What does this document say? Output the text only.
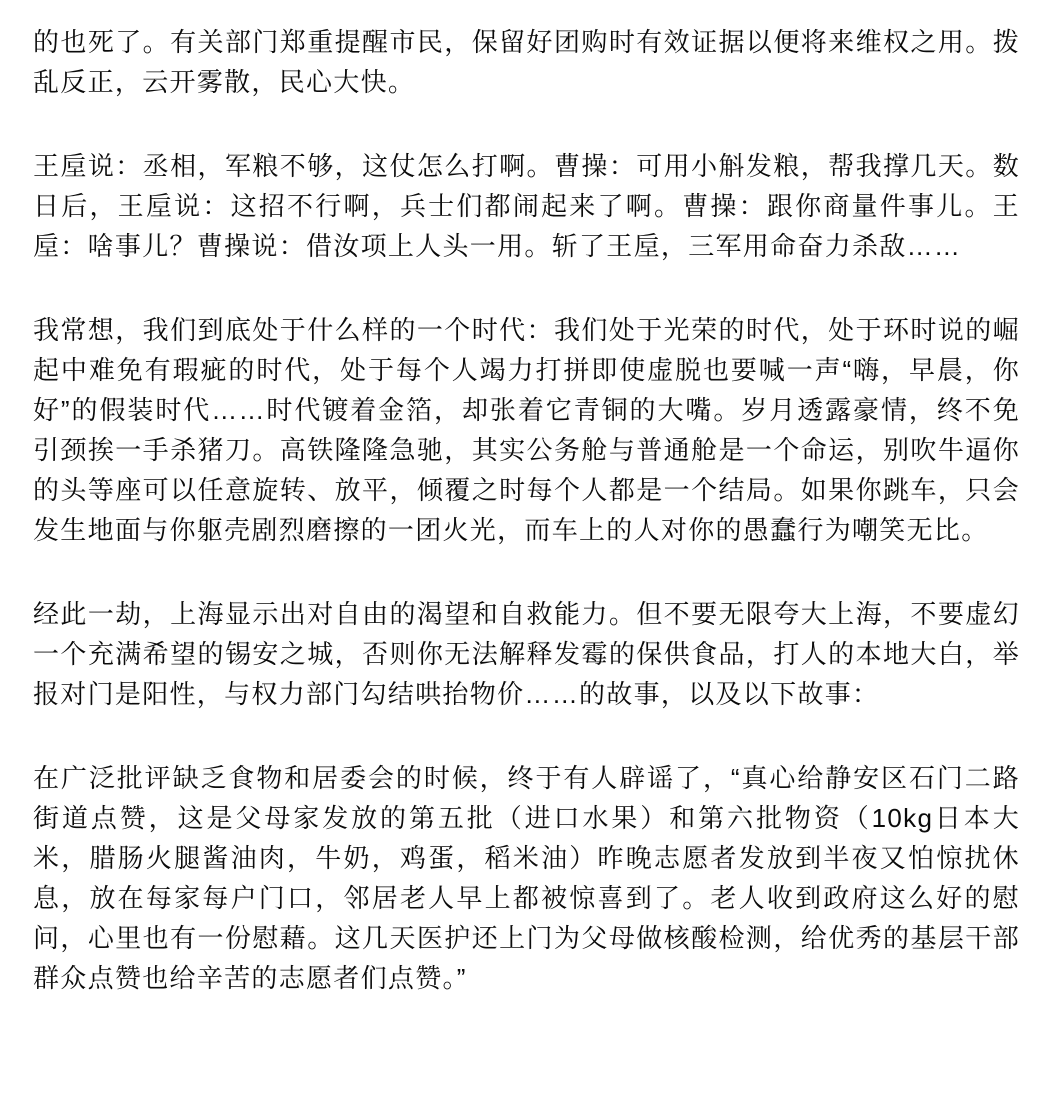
的也死了。有关部门郑重提醒市民，保留好团购时有效证据以便将来维权之用。拨乱反正，云开雾散，民心大快。

王垕说：丞相，军粮不够，这仗怎么打啊。曹操：可用小斛发粮，帮我撑几天。数日后，王垕说：这招不行啊，兵士们都闹起来了啊。曹操：跟你商量件事儿。王垕：啥事儿？曹操说：借汝项上人头一用。斩了王垕，三军用命奋力杀敌……

我常想，我们到底处于什么样的一个时代：我们处于光荣的时代，处于环时说的崛起中难免有瑕疵的时代，处于每个人竭力打拼即使虚脱也要喊一声“嗨，早晨，你好”的假装时代……时代镀着金箔，却张着它青铜的大嘴。岁月透露豪情，终不免引颈挨一手杀猪刀。高铁隆隆急驰，其实公务舱与普通舱是一个命运，别吹牛逼你的头等座可以任意旋转、放平，倾覆之时每个人都是一个结局。如果你跳车，只会发生地面与你躯壳剧烈磨擦的一团火光，而车上的人对你的愚蠢行为嘲笑无比。

经此一劫，上海显示出对自由的渴望和自救能力。但不要无限夸大上海，不要虚幻一个充满希望的锡安之城，否则你无法解释发霉的保供食品，打人的本地大白，举报对门是阳性，与权力部门勾结哄抬物价……的故事，以及以下故事：

在广泛批评缺乏食物和居委会的时候，终于有人辟谣了，“真心给静安区石门二路街道点赞，这是父母家发放的第五批（进口水果）和第六批物资（10kg日本大米，腊肠火腿酱油肉，牛奶，鸡蛋，稻米油）昨晚志愿者发放到半夜又怕惊扰休息，放在每家每户门口，邻居老人早上都被惊喜到了。老人收到政府这么好的慰问，心里也有一份慰藉。这几天医护还上门为父母做核酸检测，给优秀的基层干部群众点赞也给辛苦的志愿者们点赞。”
